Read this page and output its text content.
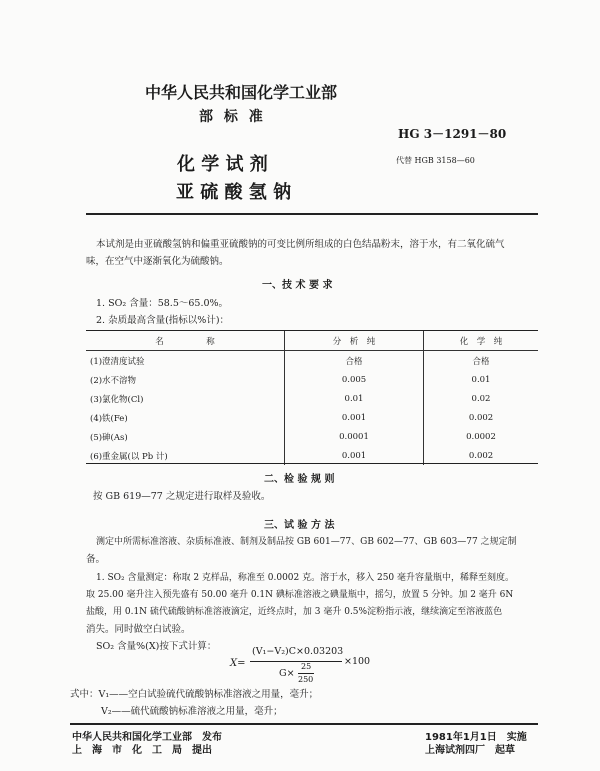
中华人民共和国化学工业部
部 标 准
HG 3－1291－80
化 学 试 剂	代替 HGB 3158—60
亚 硫 酸 氢 钠
本试剂是由亚硫酸氢钠和偏重亚硫酸钠的可变比例所组成的白色结晶粉末，溶于水，有二氧化硫气
味，在空气中逐渐氧化为硫酸钠。
一、技 术 要 求
1. SO₂ 含量：58.5～65.0%。
2. 杂质最高含量(指标以%计)：
名　　　　　称	分　析　纯	化　学　纯
(1)澄清度试验	合格	合格
(2)水不溶物	0.005	0.01
(3)氯化物(Cl)	0.01	0.02
(4)铁(Fe)	0.001	0.002
(5)砷(As)	0.0001	0.0002
(6)重金属(以 Pb 计)	0.001	0.002
二、检 验 规 则
按 GB 619—77 之规定进行取样及验收。
三、试 验 方 法
测定中所需标准溶液、杂质标准液、制剂及制品按 GB 601—77、GB 602—77、GB 603—77 之规定制
备。
1. SO₂ 含量测定：称取 2 克样品，称准至 0.0002 克。溶于水，移入 250 毫升容量瓶中，稀释至刻度。
取 25.00 毫升注入预先盛有 50.00 毫升 0.1N 碘标准溶液之碘量瓶中，摇匀，放置 5 分钟。加 2 毫升 6N
盐酸，用 0.1N 硫代硫酸钠标准溶液滴定，近终点时，加 3 毫升 0.5%淀粉指示液，继续滴定至溶液蓝色
消失。同时做空白试验。
SO₂ 含量%(X)按下式计算：
X=
(V₁−V₂)C×0.03203
G×
25
250
×100
式中：V₁——空白试验硫代硫酸钠标准溶液之用量，毫升；
V₂——硫代硫酸钠标准溶液之用量，毫升；
中华人民共和国化学工业部　发布
上　海　市　化　工　局　提出
1981年1月1日　实施
上海试剂四厂　起草
